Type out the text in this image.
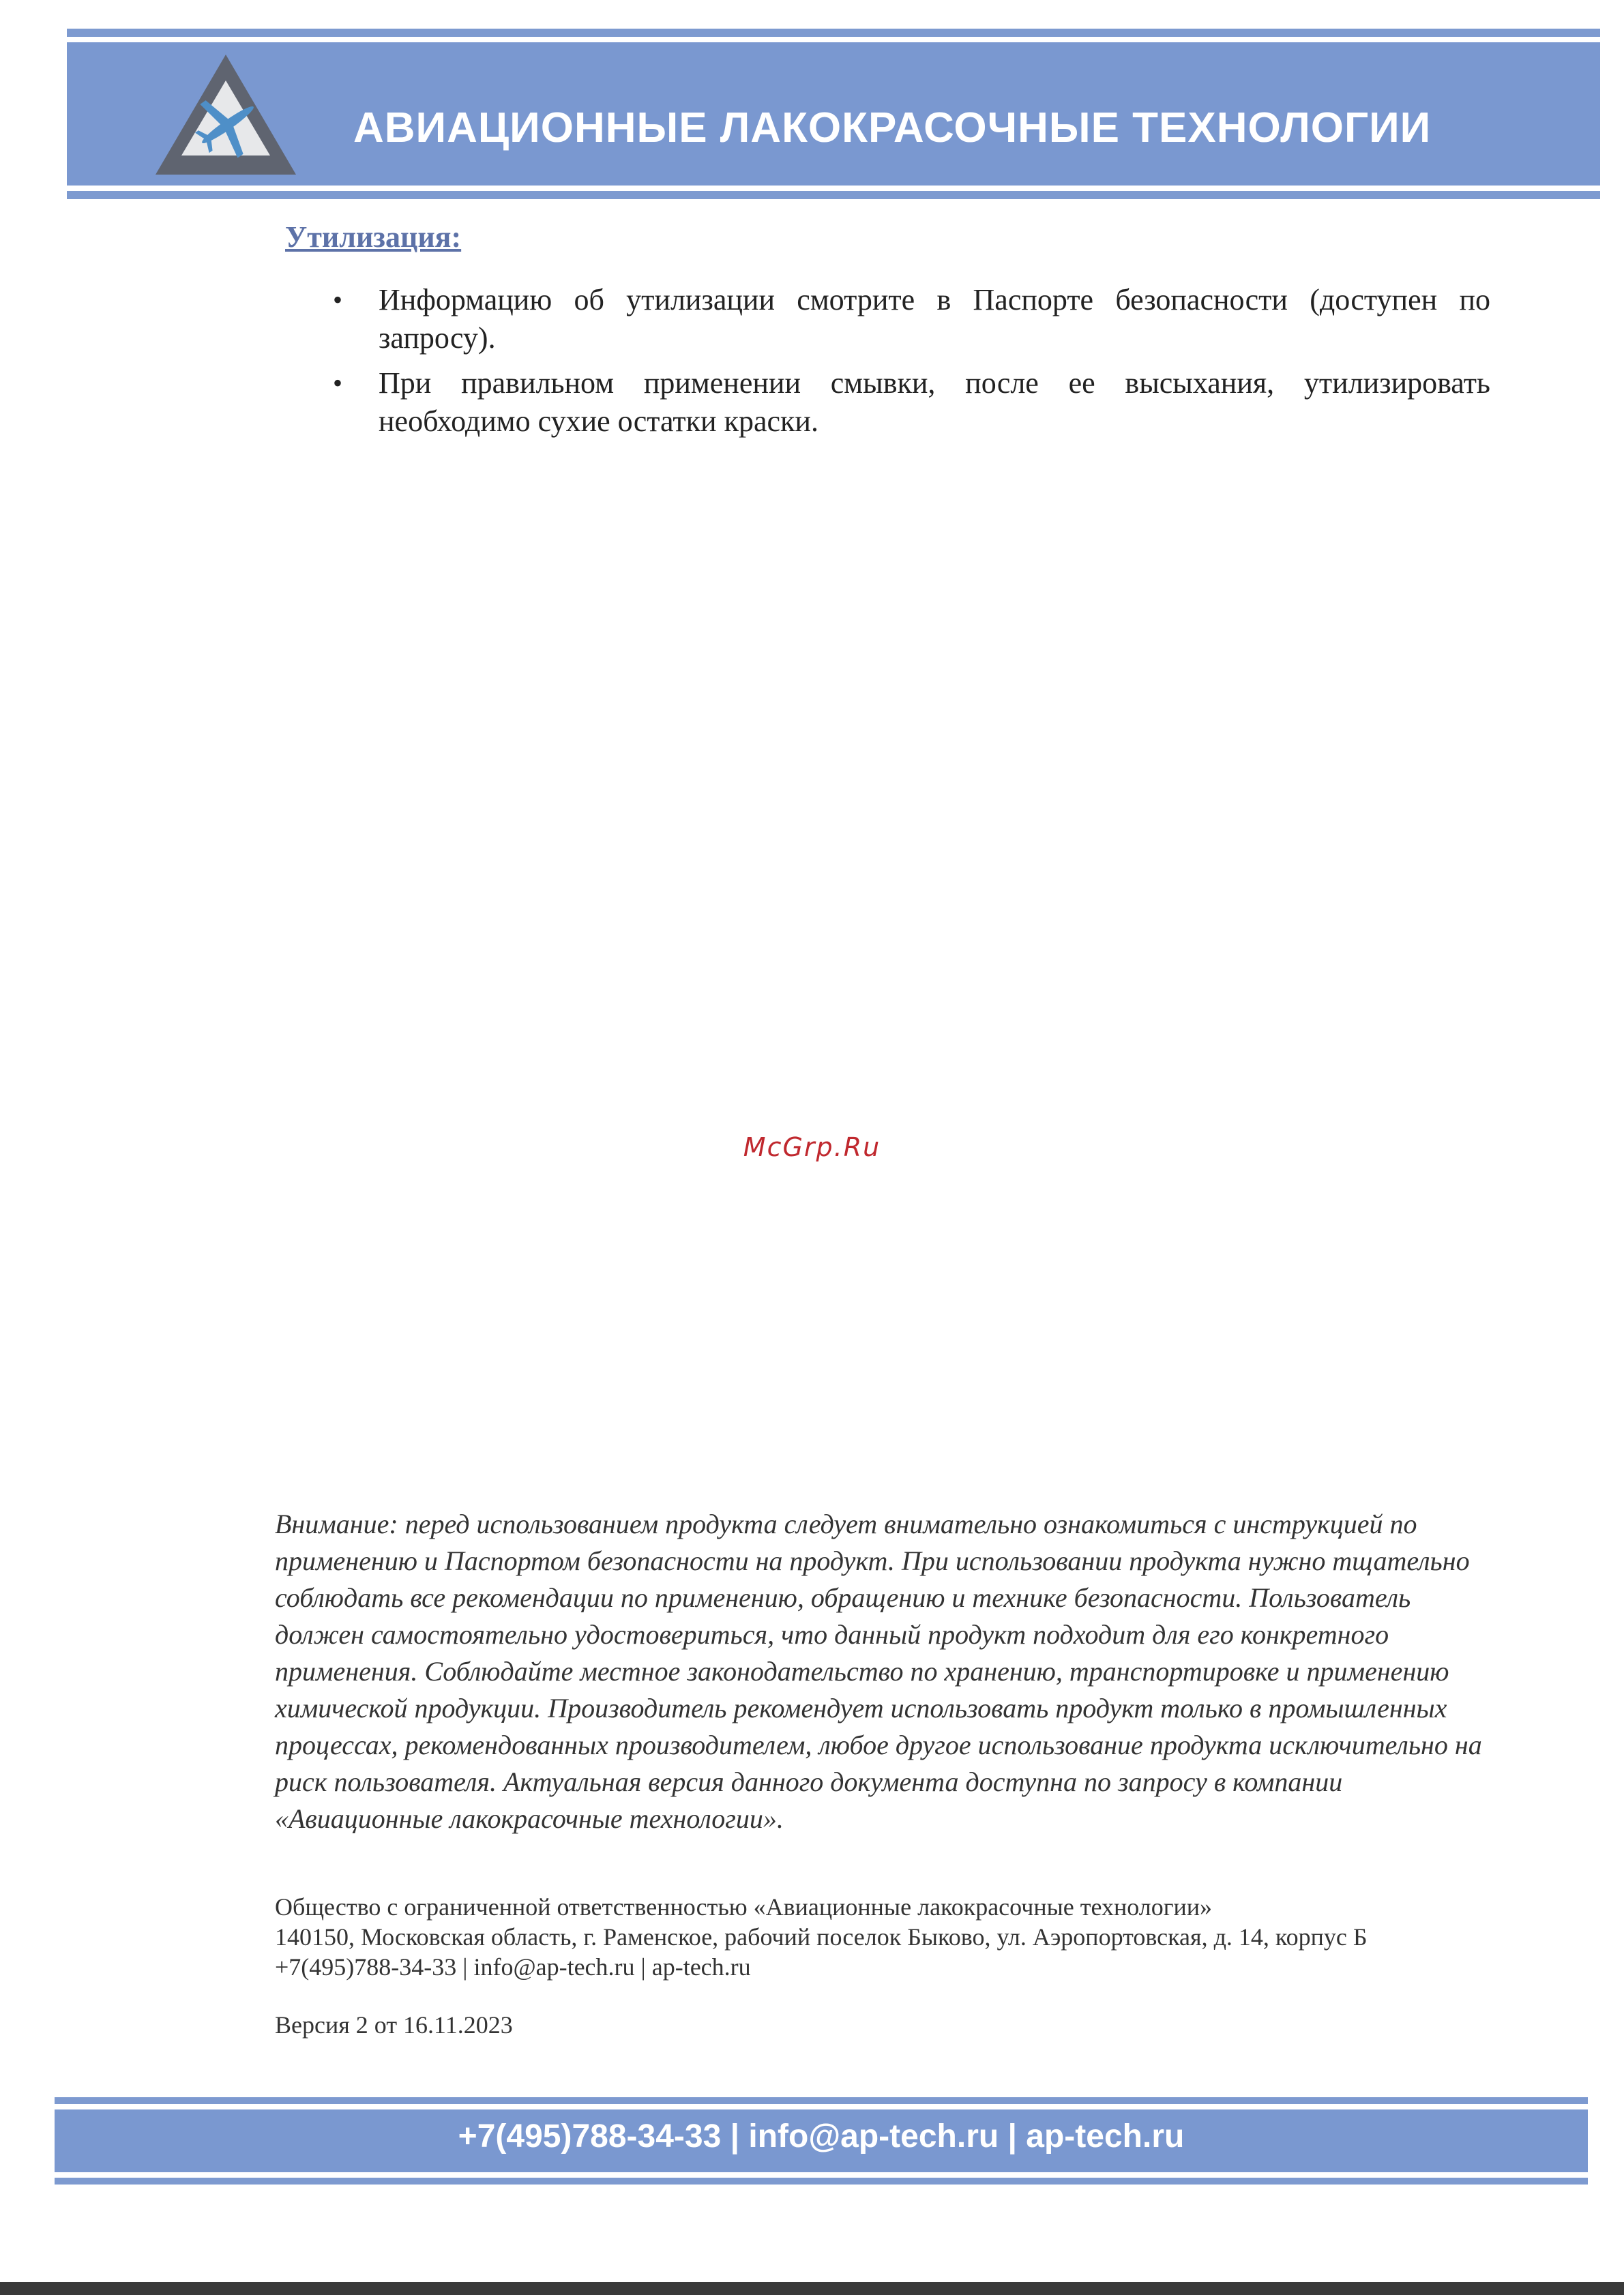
АВИАЦИОННЫЕ ЛАКОКРАСОЧНЫЕ ТЕХНОЛОГИИ
Утилизация:
• Информацию об утилизации смотрите в Паспорте безопасности (доступен по запросу).
• При правильном применении смывки, после ее высыхания, утилизировать необходимо сухие остатки краски.
McGrp.Ru
Внимание: перед использованием продукта следует внимательно ознакомиться с инструкцией по применению и Паспортом безопасности на продукт. При использовании продукта нужно тщательно соблюдать все рекомендации по применению, обращению и технике безопасности. Пользователь должен самостоятельно удостовериться, что данный продукт подходит для его конкретного применения. Соблюдайте местное законодательство по хранению, транспортировке и применению химической продукции. Производитель рекомендует использовать продукт только в промышленных процессах, рекомендованных производителем, любое другое использование продукта исключительно на риск пользователя. Актуальная версия данного документа доступна по запросу в компании «Авиационные лакокрасочные технологии».
Общество с ограниченной ответственностью «Авиационные лакокрасочные технологии»
140150, Московская область, г. Раменское, рабочий поселок Быково, ул. Аэропортовская, д. 14, корпус Б
+7(495)788-34-33 | info@ap-tech.ru | ap-tech.ru
Версия 2 от 16.11.2023
+7(495)788-34-33 | info@ap-tech.ru | ap-tech.ru
